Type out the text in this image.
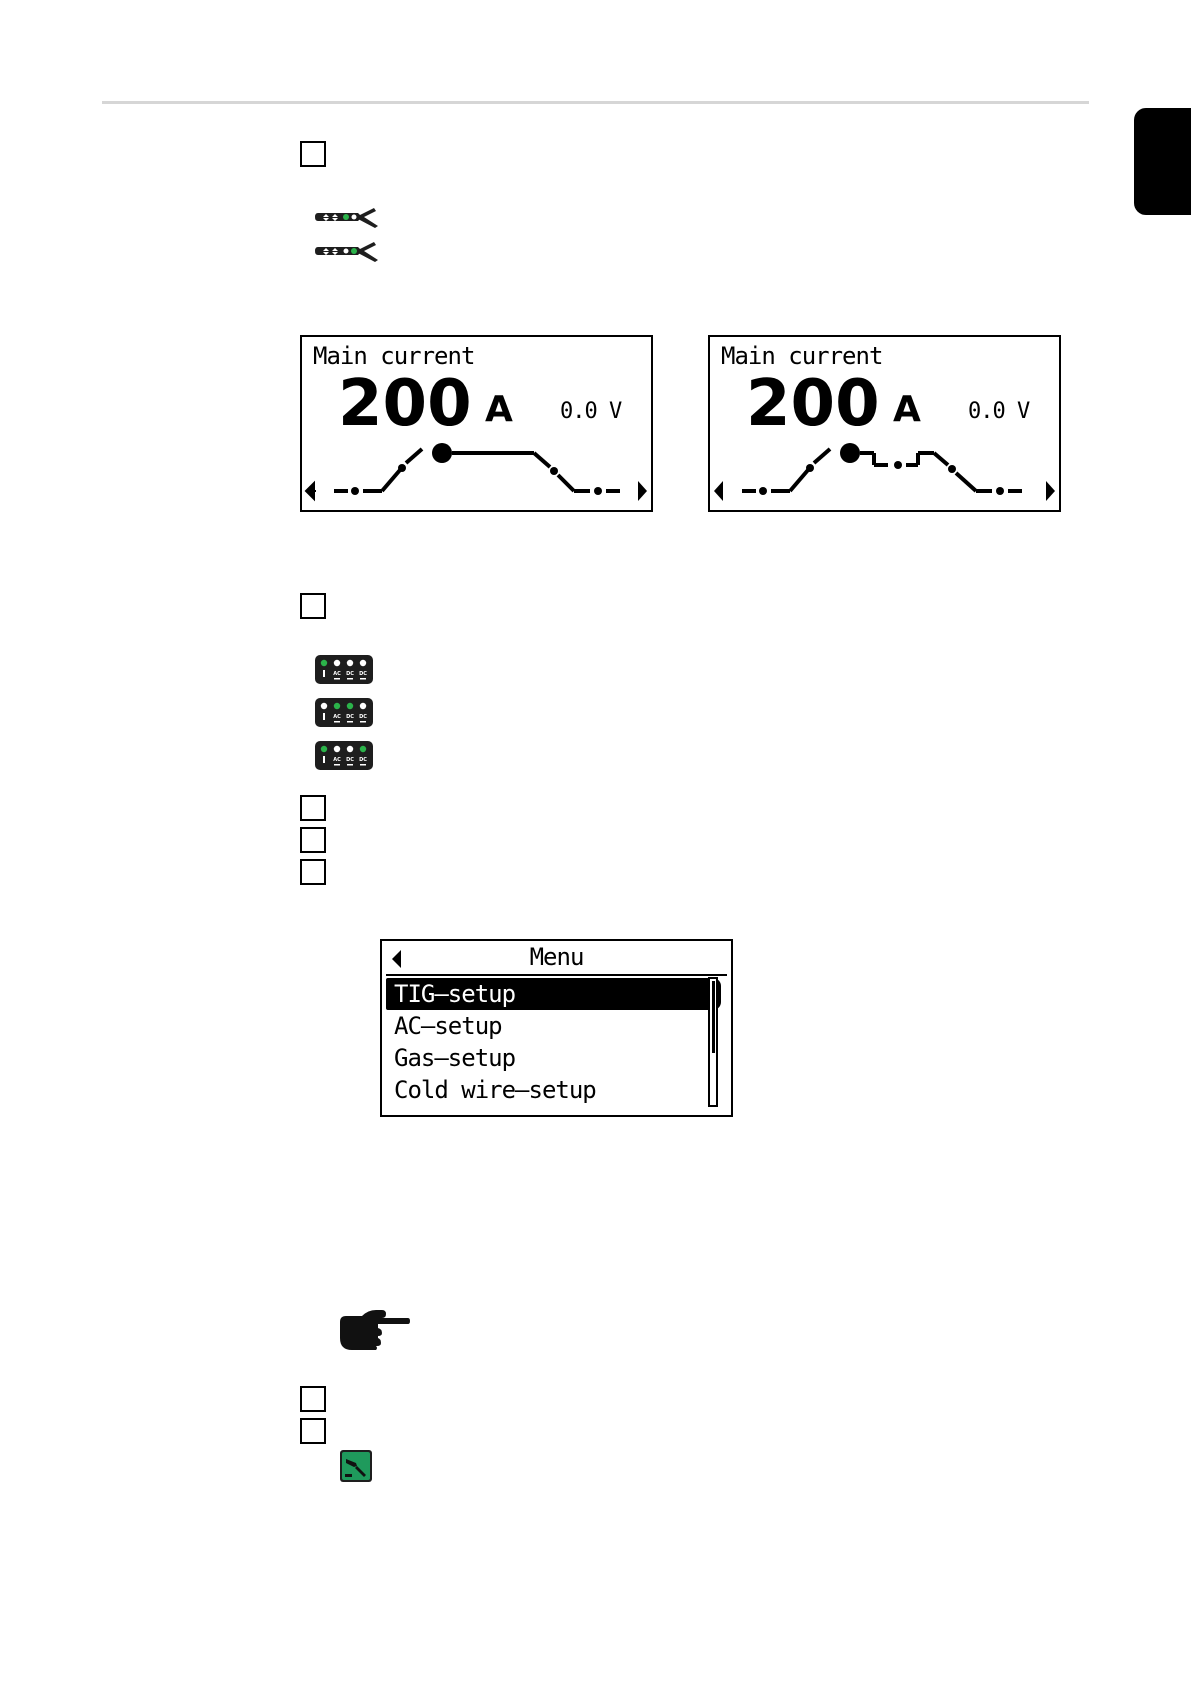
Main current
200 A 0.0 V
Main current
200 A 0.0 V
AC DC DC
AC DC DC
AC DC DC
Menu
TIG–setup
AC–setup
Gas–setup
Cold wire–setup
